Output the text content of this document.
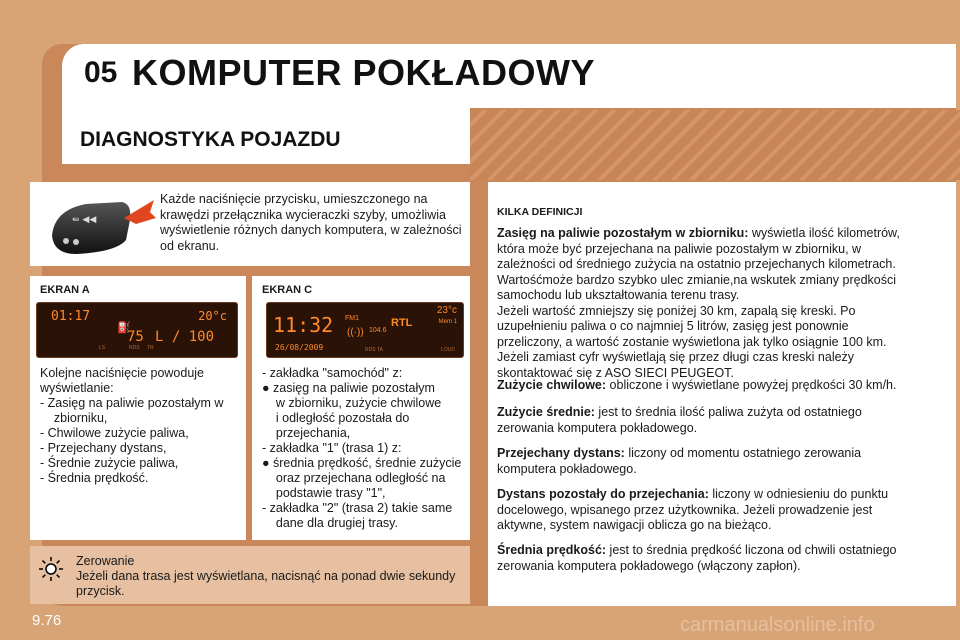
05 KOMPUTER POKŁADOWY
DIAGNOSTYKA POJAZDU
⇚ ◀◀
Każde naciśnięcie przycisku, umieszczonego na krawędzi przełącznika wycieraczki szyby, umożliwia wyświetlenie różnych danych komputera, w zależności od ekranu.
EKRAN A
01:17	20°c
⛽
75 L / 100
LS	RDS TR
Kolejne naciśnięcie powoduje
wyświetlanie:
- Zasięg na paliwie pozostałym w
zbiorniku,
- Chwilowe zużycie paliwa,
- Przejechany dystans,
- Średnie zużycie paliwa,
- Średnia prędkość.
EKRAN C
11:32
26/08/2009
FM1
((·)) 104.6
RTL
23°c
Mem 1
RDS TA	LOUD
- zakładka "samochód" z:
● zasięg na paliwie pozostałym
w zbiorniku, zużycie chwilowe
i odległość pozostała do
przejechania,
- zakładka "1" (trasa 1) z:
● średnia prędkość, średnie zużycie
oraz przejechana odległość na
podstawie trasy "1",
- zakładka "2" (trasa 2) takie same
dane dla drugiej trasy.
KILKA DEFINICJI
Zasięg na paliwie pozostałym w zbiorniku: wyświetla ilość kilometrów, która może być przejechana na paliwie pozostałym w zbiorniku, w zależności od średniego zużycia na ostatnio przejechanych kilometrach. Wartośćmoże bardzo szybko ulec zmianie,na wskutek zmiany prędkości samochodu lub ukształtowania terenu trasy.
Jeżeli wartość zmniejszy się poniżej 30 km, zapalą się kreski. Po uzupełnieniu paliwa o co najmniej 5 litrów, zasięg jest ponownie przeliczony, a wartość zostanie wyświetlona jak tylko osiągnie 100 km.
Jeżeli zamiast cyfr wyświetlają się przez długi czas kreski należy skontaktować się z ASO SIECI PEUGEOT.
Zużycie chwilowe: obliczone i wyświetlane powyżej prędkości 30 km/h.
Zużycie średnie: jest to średnia ilość paliwa zużyta od ostatniego zerowania komputera pokładowego.
Przejechany dystans: liczony od momentu ostatniego zerowania komputera pokładowego.
Dystans pozostały do przejechania: liczony w odniesieniu do punktu docelowego, wpisanego przez użytkownika. Jeżeli prowadzenie jest aktywne, system nawigacji oblicza go na bieżąco.
Średnia prędkość: jest to średnia prędkość liczona od chwili ostatniego zerowania komputera pokładowego (włączony zapłon).
Zerowanie
Jeżeli dana trasa jest wyświetlana, nacisnąć na ponad dwie sekundy przycisk.
9.76	carmanualsonline.info
